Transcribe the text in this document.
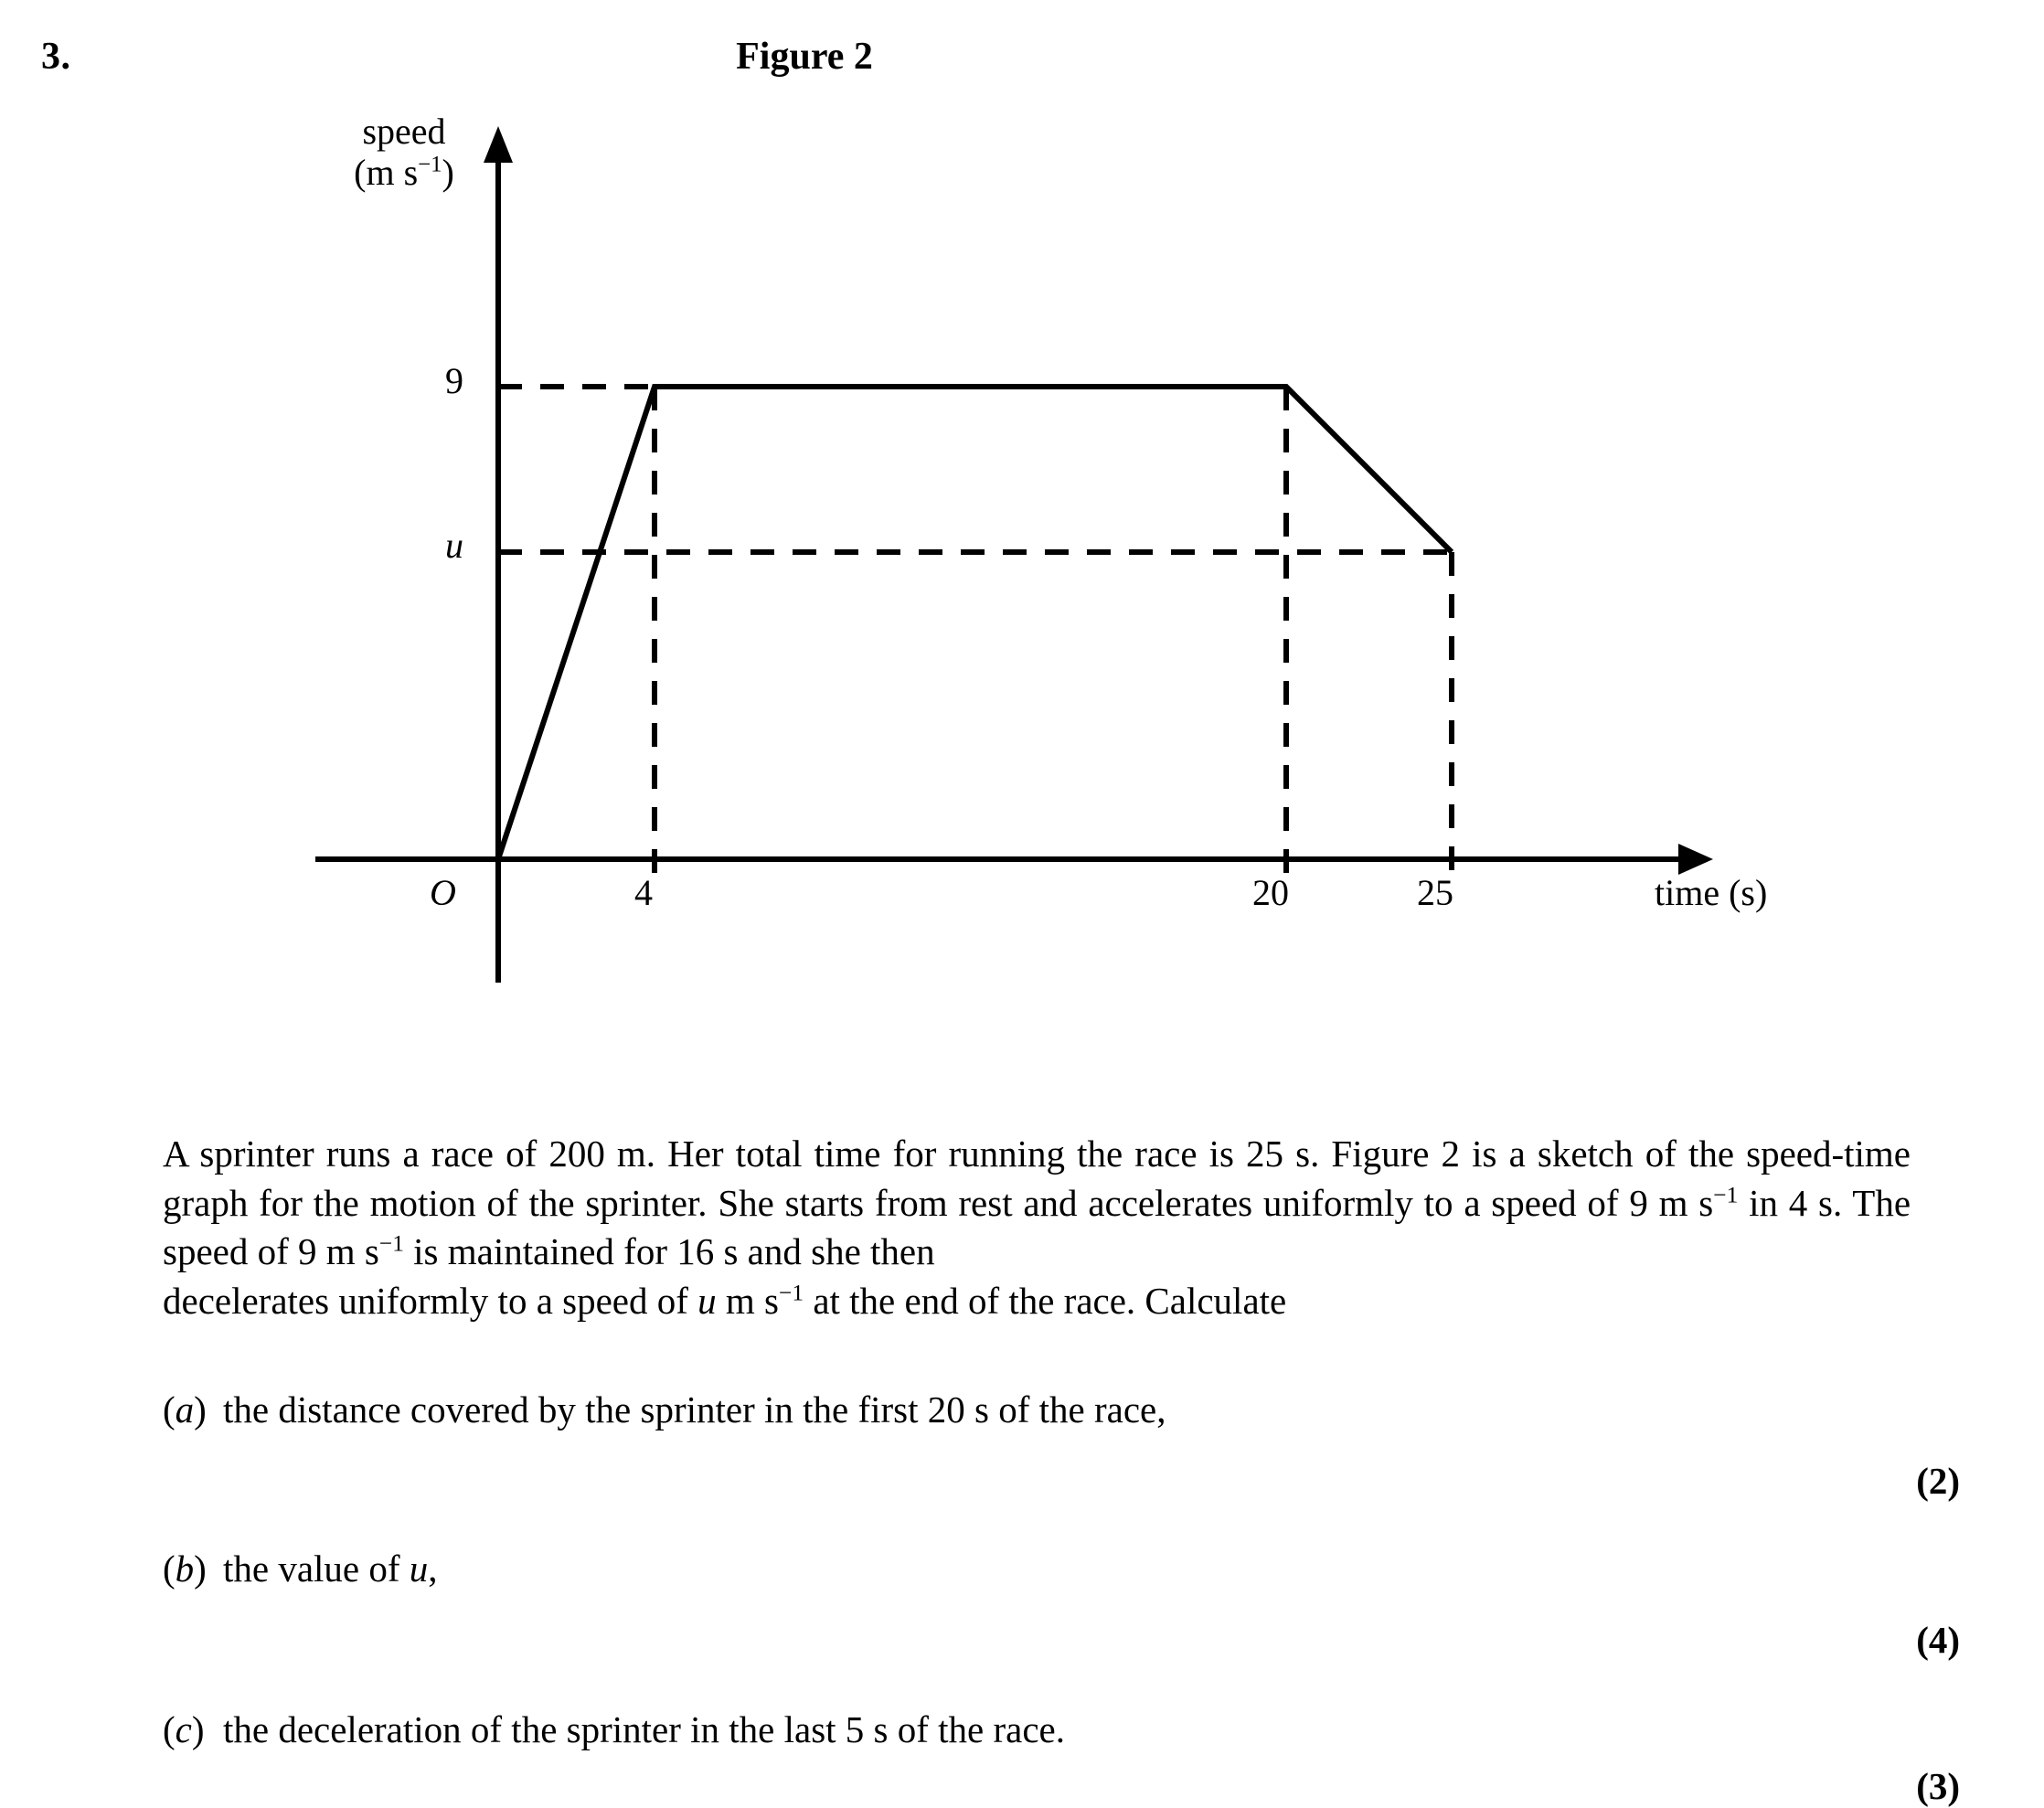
3.	Figure 2
speed
(m $s^{-1}$)
9
u
O	4	20	25	time (s)
A sprinter runs a race of 200 m. Her total time for running the race is 25 s. Figure 2 is a sketch of the speed-time graph for the motion of the sprinter. She starts from rest and accelerates uniformly to a speed of 9 m $s^{-1}$ in 4 s. The speed of 9 m $s^{-1}$ is maintained for 16 s and she then
decelerates uniformly to a speed of u m $s^{-1}$ at the end of the race. Calculate
(a) the distance covered by the sprinter in the first 20 s of the race,
(2)
(b) the value of u,
(4)
(c) the deceleration of the sprinter in the last 5 s of the race.
(3)
